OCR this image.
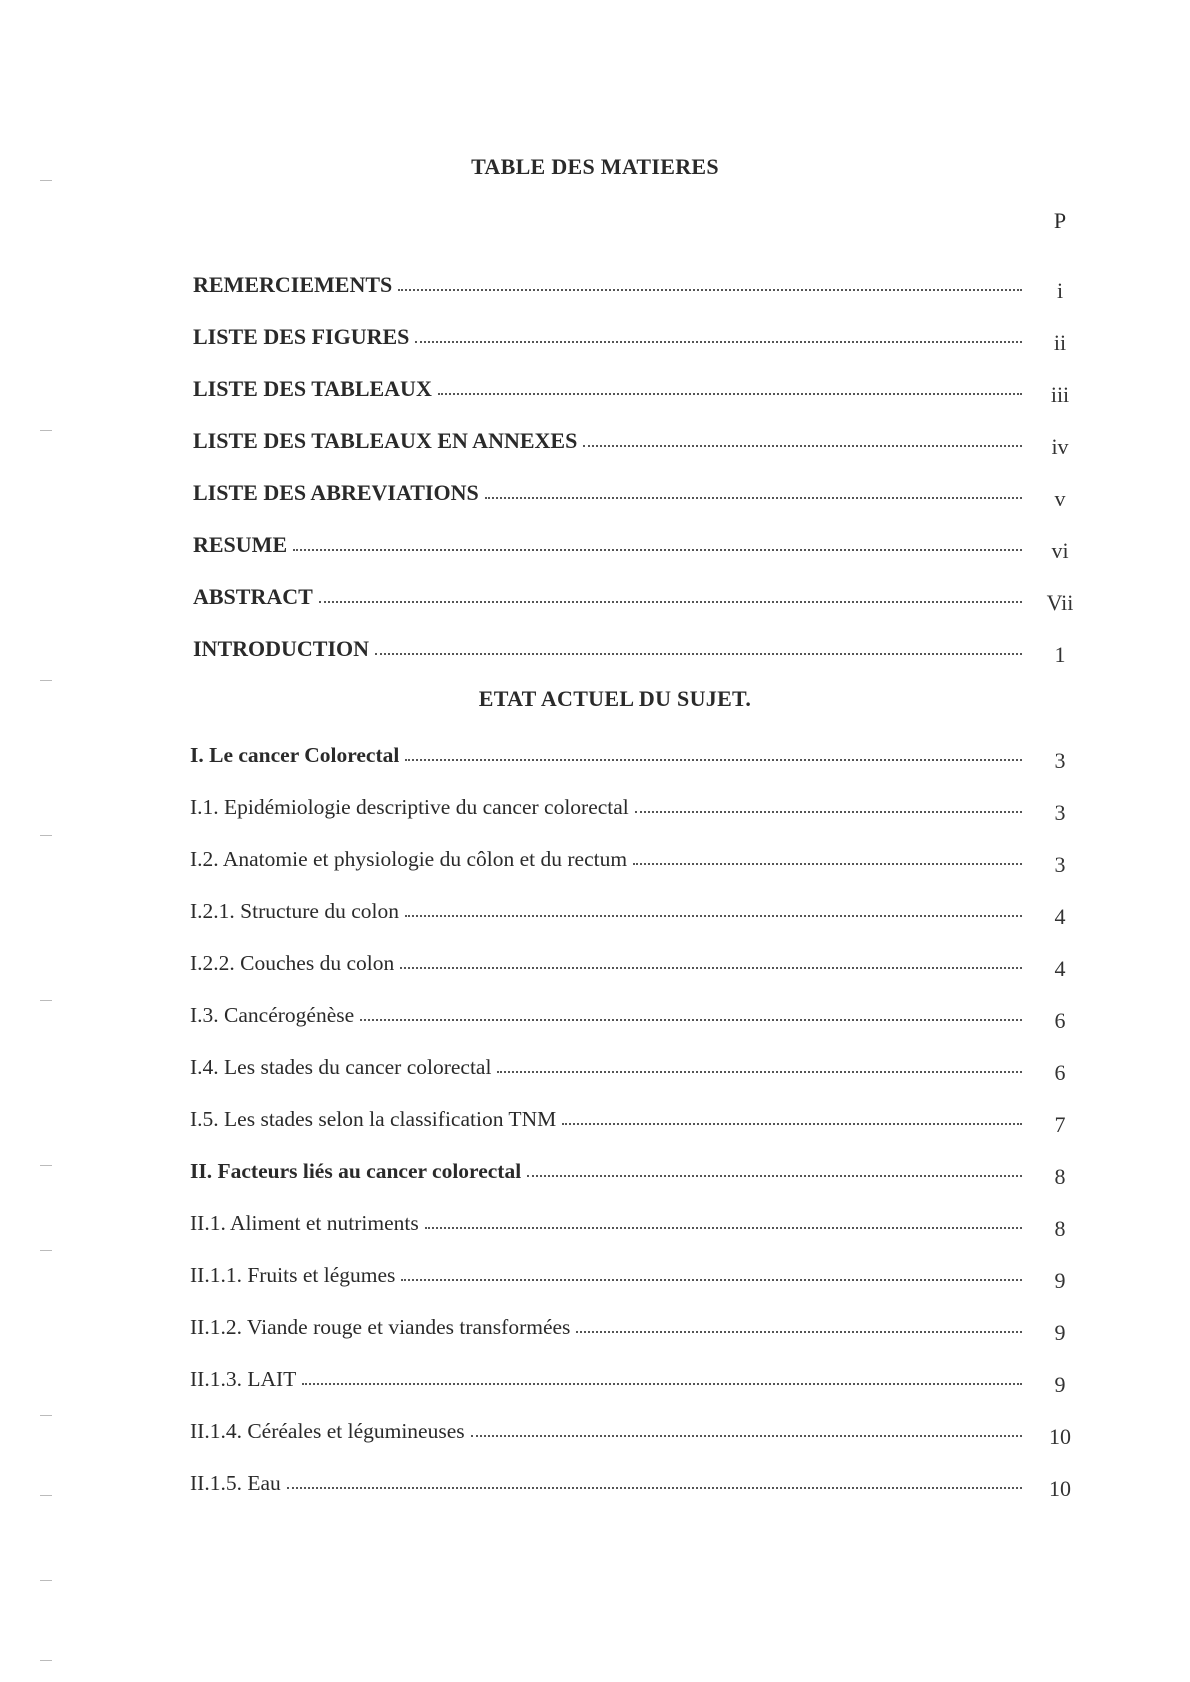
TABLE DES MATIERES
P
REMERCIEMENTS	i
LISTE DES FIGURES	ii
LISTE DES TABLEAUX	iii
LISTE DES TABLEAUX EN ANNEXES	iv
LISTE DES ABREVIATIONS	v
RESUME	vi
ABSTRACT	Vii
INTRODUCTION	1
ETAT ACTUEL DU SUJET.
I. Le cancer Colorectal	3
I.1. Epidémiologie descriptive du cancer colorectal	3
I.2. Anatomie et physiologie du côlon et du rectum	3
I.2.1. Structure du colon	4
I.2.2. Couches du colon	4
I.3. Cancérogénèse	6
I.4. Les stades du cancer colorectal	6
I.5. Les stades selon la classification TNM	7
II. Facteurs liés au cancer colorectal	8
II.1. Aliment et nutriments	8
II.1.1. Fruits et légumes	9
II.1.2. Viande rouge et viandes transformées	9
II.1.3. LAIT	9
II.1.4. Céréales et légumineuses	10
II.1.5. Eau	10
